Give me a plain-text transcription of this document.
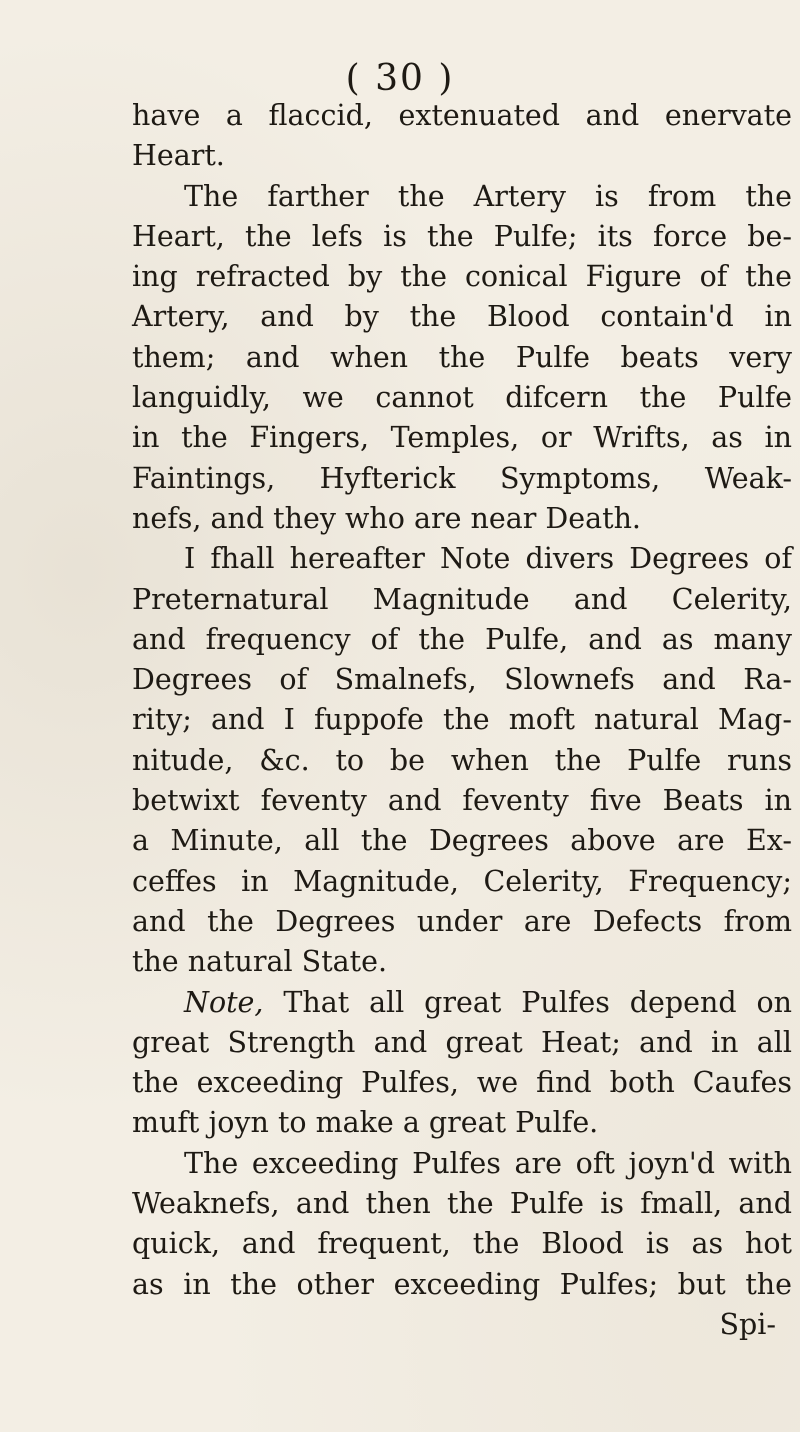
( 30 )
have a flaccid, extenuated and enervate
Heart.
The farther the Artery is from the
Heart, the lefs is the Pulfe; its force be-
ing refracted by the conical Figure of the
Artery, and by the Blood contain'd in
them; and when the Pulfe beats very
languidly, we cannot difcern the Pulfe
in the Fingers, Temples, or Wrifts, as in
Faintings, Hyfterick Symptoms, Weak-
nefs, and they who are near Death.
I fhall hereafter Note divers Degrees of
Preternatural Magnitude and Celerity,
and frequency of the Pulfe, and as many
Degrees of Smalnefs, Slownefs and Ra-
rity; and I fuppofe the moft natural Mag-
nitude, &c. to be when the Pulfe runs
betwixt feventy and feventy five Beats in
a Minute, all the Degrees above are Ex-
ceffes in Magnitude, Celerity, Frequency;
and the Degrees under are Defects from
the natural State.
Note, That all great Pulfes depend on
great Strength and great Heat; and in all
the exceeding Pulfes, we find both Caufes
muft joyn to make a great Pulfe.
The exceeding Pulfes are oft joyn'd with
Weaknefs, and then the Pulfe is fmall, and
quick, and frequent, the Blood is as hot
as in the other exceeding Pulfes; but the
Spi-
